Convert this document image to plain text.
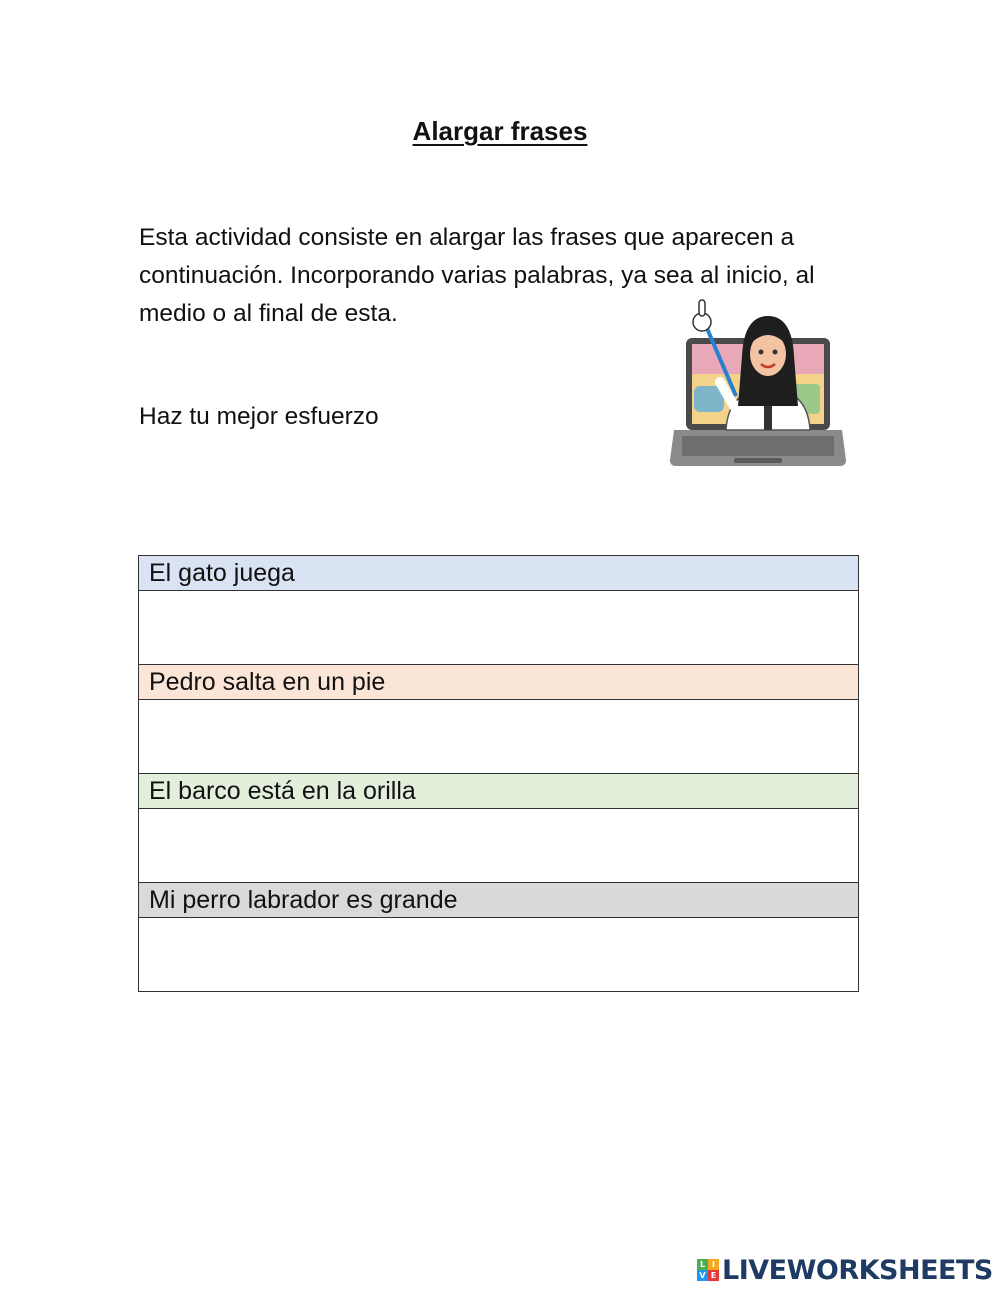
Alargar frases
Esta actividad consiste en alargar las frases que aparecen a continuación. Incorporando varias palabras, ya sea al inicio, al medio o al final de esta.
Haz tu mejor esfuerzo
El gato juega
Pedro salta en un pie
El barco está en la orilla
Mi perro labrador es grande
L I
V E LIVEWORKSHEETS
